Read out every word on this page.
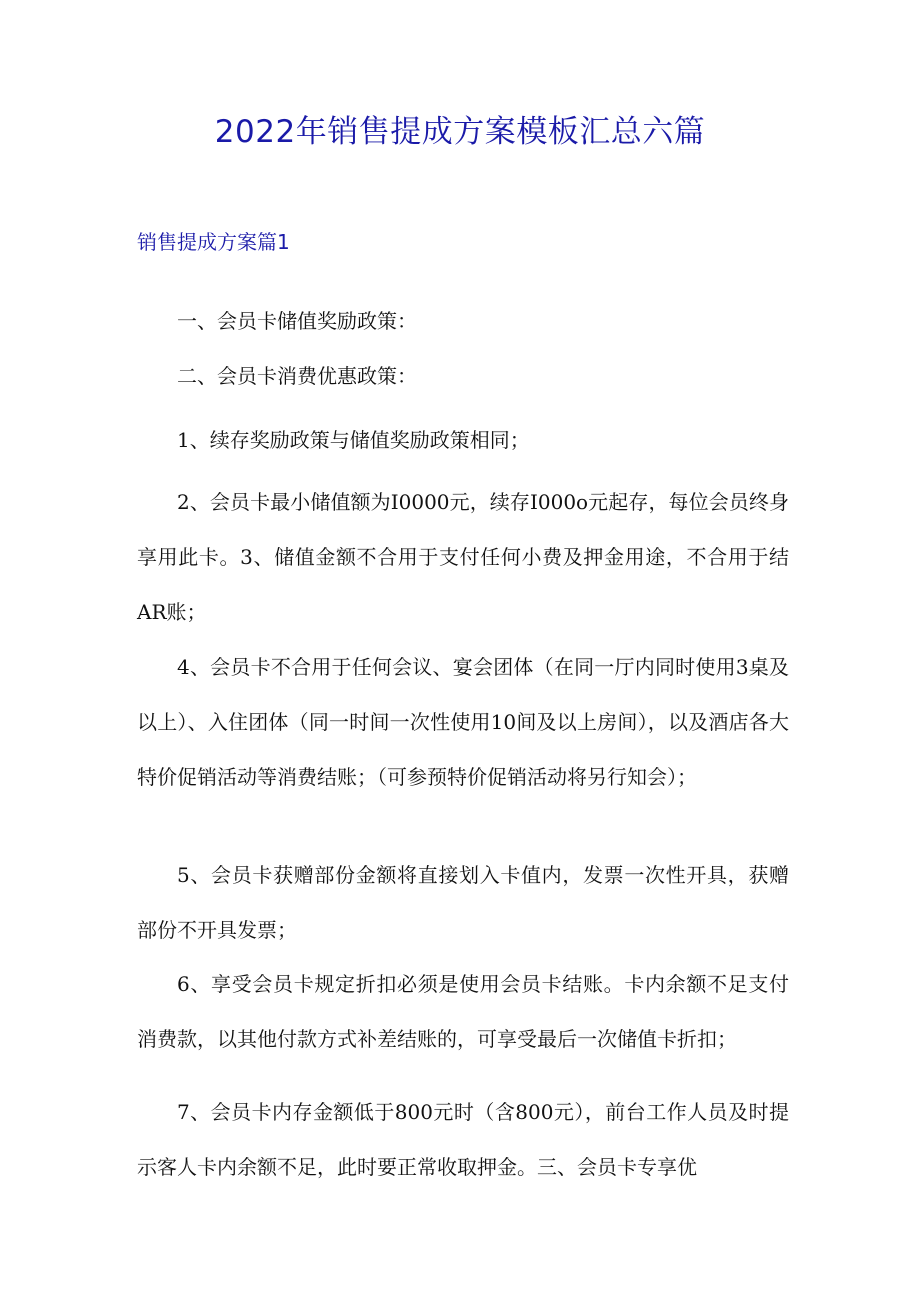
2022年销售提成方案模板汇总六篇
销售提成方案篇1

一、会员卡储值奖励政策：

二、会员卡消费优惠政策：

1、续存奖励政策与储值奖励政策相同；

2、会员卡最小储值额为I0000元，续存I000o元起存，每位会员终身享用此卡。3、储值金额不合用于支付任何小费及押金用途，不合用于结AR账；

4、会员卡不合用于任何会议、宴会团体（在同一厅内同时使用3桌及以上）、入住团体（同一时间一次性使用10间及以上房间），以及酒店各大特价促销活动等消费结账；（可参预特价促销活动将另行知会）；

5、会员卡获赠部份金额将直接划入卡值内，发票一次性开具，获赠部份不开具发票；

6、享受会员卡规定折扣必须是使用会员卡结账。卡内余额不足支付消费款，以其他付款方式补差结账的，可享受最后一次储值卡折扣；

7、会员卡内存金额低于800元时（含800元），前台工作人员及时提示客人卡内余额不足，此时要正常收取押金。三、会员卡专享优
